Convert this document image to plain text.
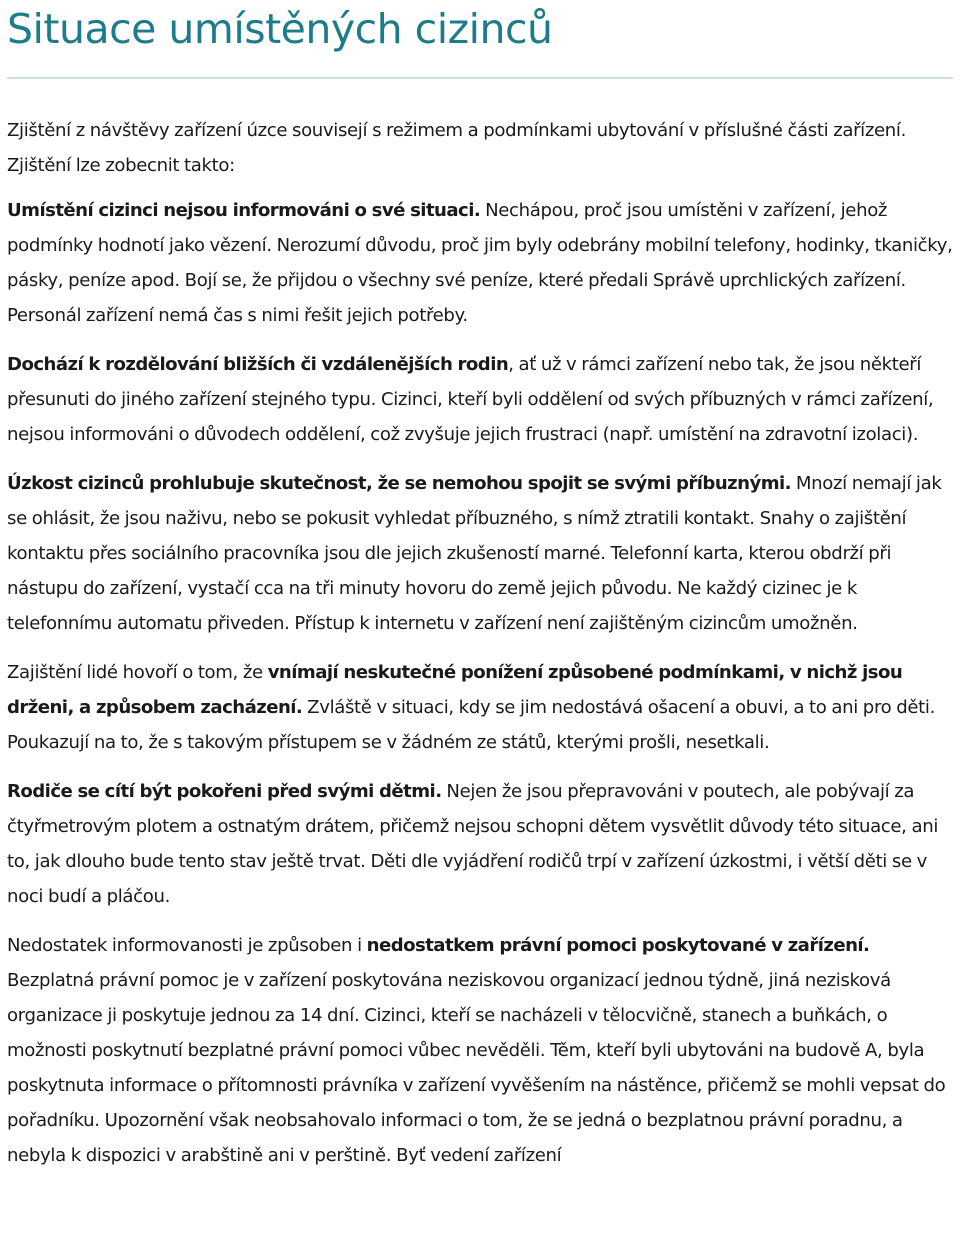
Situace umístěných cizinců

Zjištění z návštěvy zařízení úzce souvisejí s režimem a podmínkami ubytování v příslušné části zařízení. Zjištění lze zobecnit takto:

Umístění cizinci nejsou informováni o své situaci. Nechápou, proč jsou umístěni v zařízení, jehož podmínky hodnotí jako vězení. Nerozumí důvodu, proč jim byly odebrány mobilní telefony, hodinky, tkaničky, pásky, peníze apod. Bojí se, že přijdou o všechny své peníze, které předali Správě uprchlických zařízení. Personál zařízení nemá čas s nimi řešit jejich potřeby.

Dochází k rozdělování bližších či vzdálenějších rodin, ať už v rámci zařízení nebo tak, že jsou někteří přesunuti do jiného zařízení stejného typu. Cizinci, kteří byli oddělení od svých příbuzných v rámci zařízení, nejsou informováni o důvodech oddělení, což zvyšuje jejich frustraci (např. umístění na zdravotní izolaci).

Úzkost cizinců prohlubuje skutečnost, že se nemohou spojit se svými příbuznými. Mnozí nemají jak se ohlásit, že jsou naživu, nebo se pokusit vyhledat příbuzného, s nímž ztratili kontakt. Snahy o zajištění kontaktu přes sociálního pracovníka jsou dle jejich zkušeností marné. Telefonní karta, kterou obdrží při nástupu do zařízení, vystačí cca na tři minuty hovoru do země jejich původu. Ne každý cizinec je k telefonnímu automatu přiveden. Přístup k internetu v zařízení není zajištěným cizincům umožněn.

Zajištění lidé hovoří o tom, že vnímají neskutečné ponížení způsobené podmínkami, v nichž jsou drženi, a způsobem zacházení. Zvláště v situaci, kdy se jim nedostává ošacení a obuvi, a to ani pro děti. Poukazují na to, že s takovým přístupem se v žádném ze států, kterými prošli, nesetkali.

Rodiče se cítí být pokořeni před svými dětmi. Nejen že jsou přepravováni v poutech, ale pobývají za čtyřmetrovým plotem a ostnatým drátem, přičemž nejsou schopni dětem vysvětlit důvody této situace, ani to, jak dlouho bude tento stav ještě trvat. Děti dle vyjádření rodičů trpí v zařízení úzkostmi, i větší děti se v noci budí a pláčou.

Nedostatek informovanosti je způsoben i nedostatkem právní pomoci poskytované v zařízení. Bezplatná právní pomoc je v zařízení poskytována neziskovou organizací jednou týdně, jiná nezisková organizace ji poskytuje jednou za 14 dní. Cizinci, kteří se nacházeli v tělocvičně, stanech a buňkách, o možnosti poskytnutí bezplatné právní pomoci vůbec nevěděli. Těm, kteří byli ubytováni na budově A, byla poskytnuta informace o přítomnosti právníka v zařízení vyvěšením na nástěnce, přičemž se mohli vepsat do pořadníku. Upozornění však neobsahovalo informaci o tom, že se jedná o bezplatnou právní poradnu, a nebyla k dispozici v arabštině ani v perštině. Byť vedení zařízení
